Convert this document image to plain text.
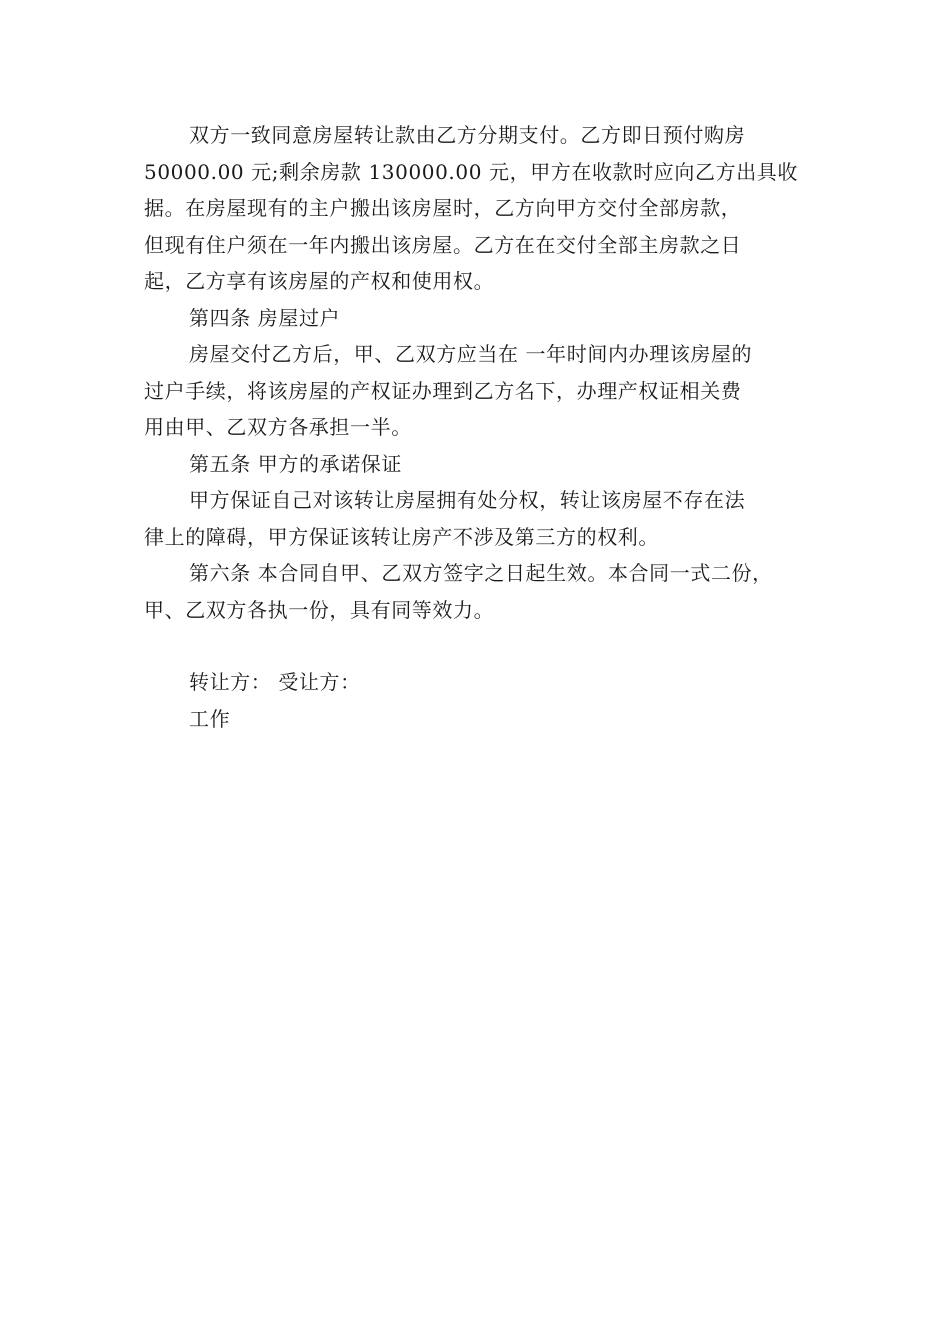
双方一致同意房屋转让款由乙方分期支付。乙方即日预付购房
50000.00 元;剩余房款 130000.00 元，甲方在收款时应向乙方出具收
据。在房屋现有的主户搬出该房屋时，乙方向甲方交付全部房款，
但现有住户须在一年内搬出该房屋。乙方在在交付全部主房款之日
起，乙方享有该房屋的产权和使用权。
第四条 房屋过户
房屋交付乙方后，甲、乙双方应当在 一年时间内办理该房屋的
过户手续，将该房屋的产权证办理到乙方名下，办理产权证相关费
用由甲、乙双方各承担一半。
第五条 甲方的承诺保证
甲方保证自己对该转让房屋拥有处分权，转让该房屋不存在法
律上的障碍，甲方保证该转让房产不涉及第三方的权利。
第六条 本合同自甲、乙双方签字之日起生效。本合同一式二份，
甲、乙双方各执一份，具有同等效力。
转让方： 受让方：
工作
